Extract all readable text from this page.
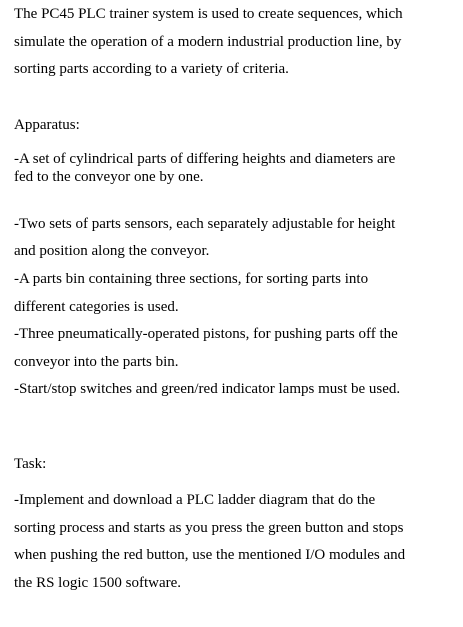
The PC45 PLC trainer system is used to create sequences, which
simulate the operation of a modern industrial production line, by
sorting parts according to a variety of criteria.
Apparatus:
-A set of cylindrical parts of differing heights and diameters are
fed to the conveyor one by one.
-Two sets of parts sensors, each separately adjustable for height
and position along the conveyor.
-A parts bin containing three sections, for sorting parts into
different categories is used.
-Three pneumatically-operated pistons, for pushing parts off the
conveyor into the parts bin.
-Start/stop switches and green/red indicator lamps must be used.
Task:
-Implement and download a PLC ladder diagram that do the
sorting process and starts as you press the green button and stops
when pushing the red button, use the mentioned I/O modules and
the RS logic 1500 software.
